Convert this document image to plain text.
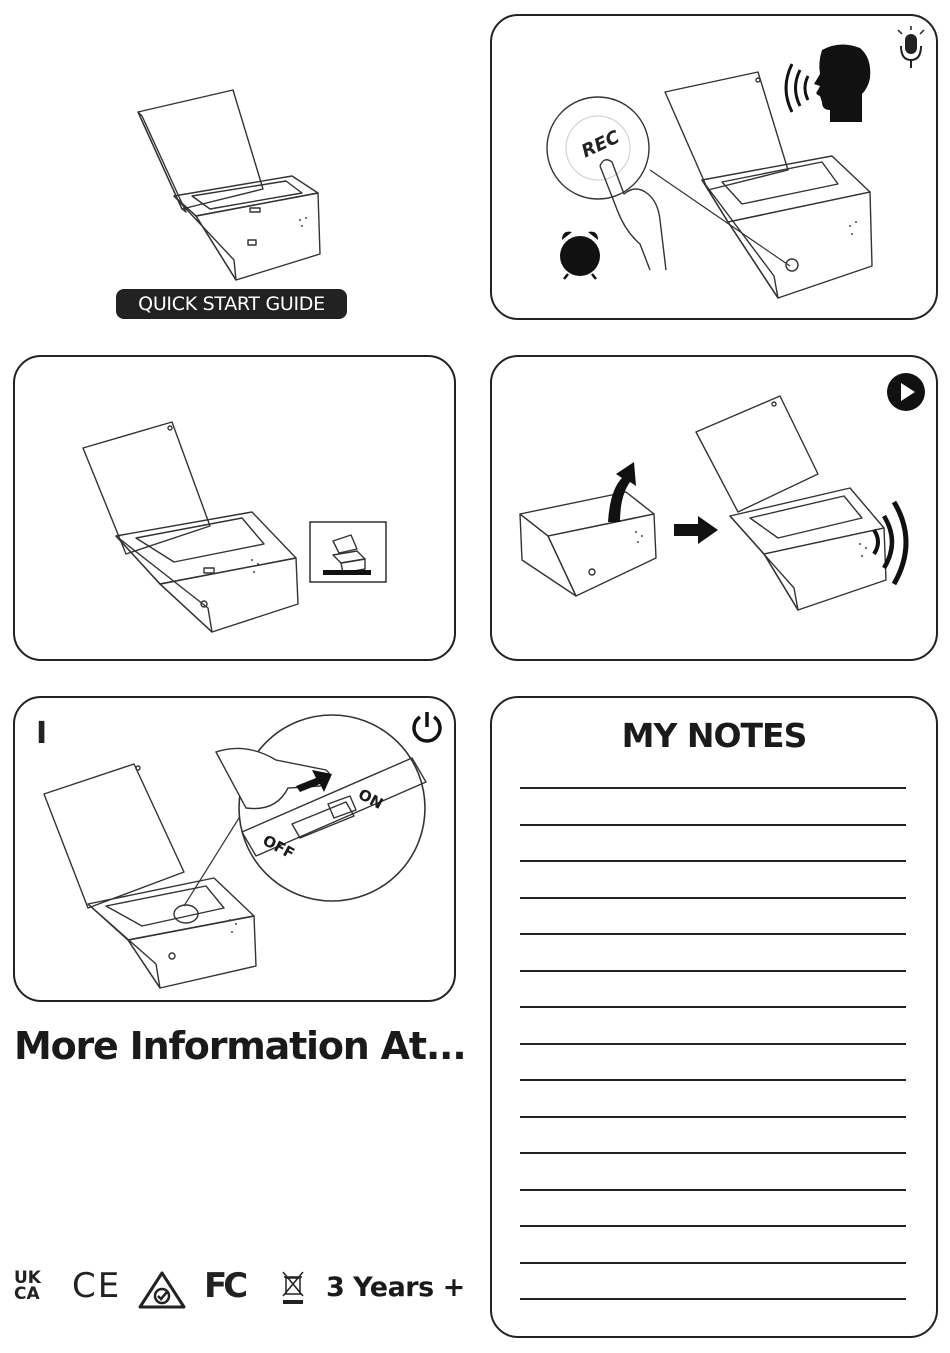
QUICK START GUIDE
REC
I
ON
OFF
MY NOTES
More Information At...
UK
CA CE FC	3 Years +
